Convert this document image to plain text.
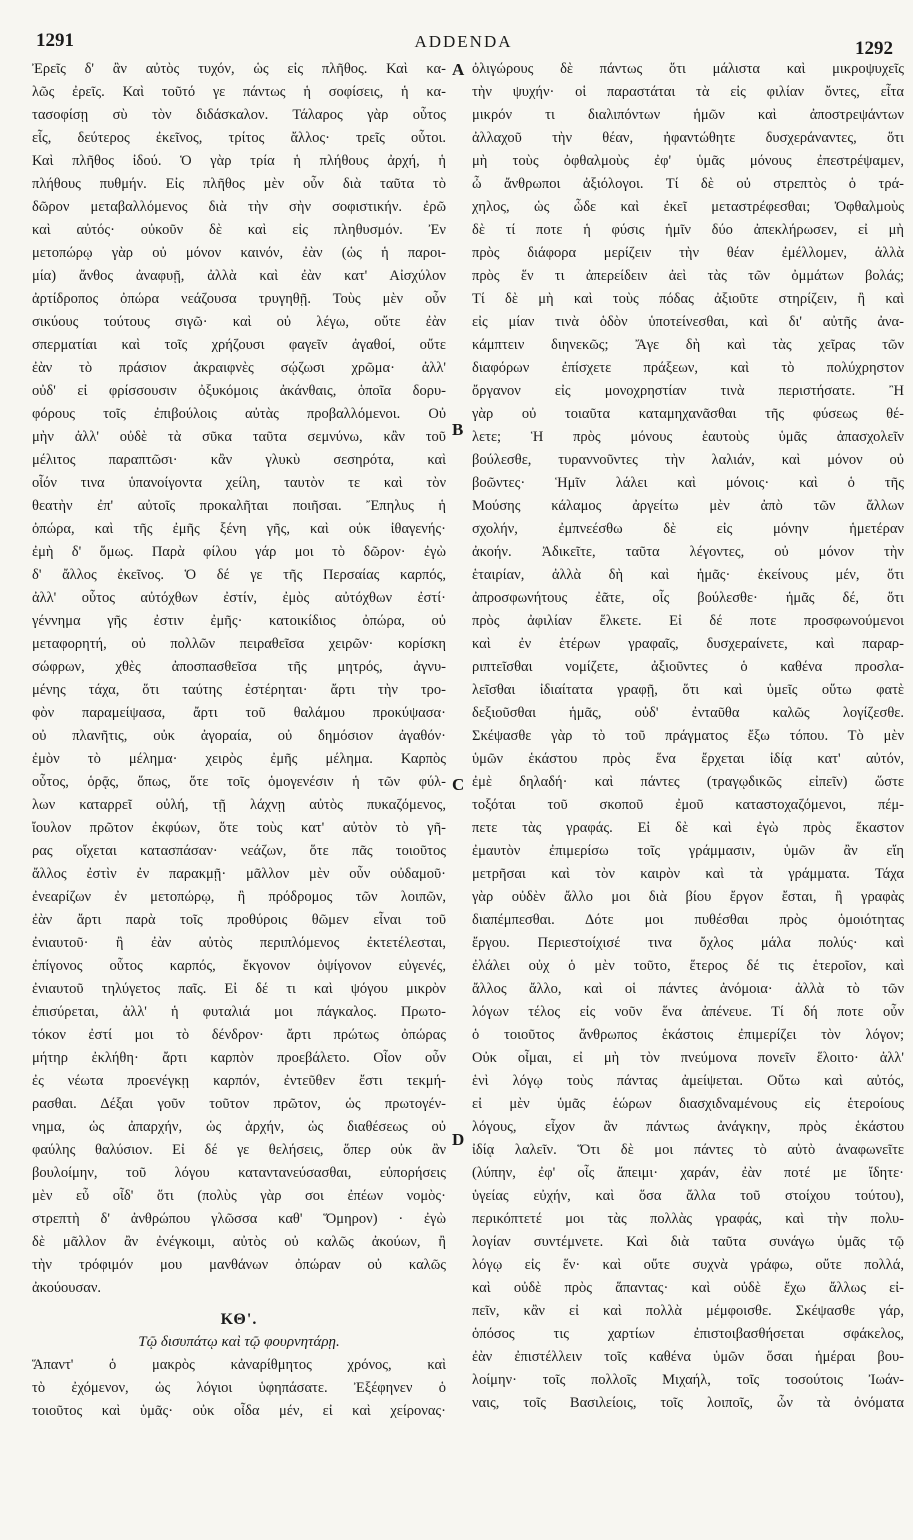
1291	ADDENDA	1292
A
B
C
D
Ἐρεῖς δ' ἂν αὐτὸς τυχόν, ὡς εἰς πλῆθος. Καὶ κα-
λῶς ἐρεῖς. Καὶ τοῦτό γε πάντως ἡ σοφίσεις, ἡ κα-
τασοφίσῃ σὺ τὸν διδάσκαλον. Τάλαρος γὰρ οὗτος
εἷς, δεύτερος ἐκεῖνος, τρίτος ἄλλος· τρεῖς οὗτοι.
Καὶ πλῆθος ἰδού. Ὁ γὰρ τρία ἡ πλήθους ἀρχή, ἡ
πλήθους πυθμήν. Εἰς πλῆθος μὲν οὖν διὰ ταῦτα τὸ
δῶρον μεταβαλλόμενος διὰ τὴν σὴν σοφιστικήν. ἐρῶ
καὶ αὐτός· οὐκοῦν δὲ καὶ εἰς πληθυσμόν. Ἐν
μετοπώρῳ γὰρ οὐ μόνον καινόν, ἐὰν (ὡς ἡ παροι-
μία) ἄνθος ἀναφυῇ, ἀλλὰ καὶ ἐὰν κατ' Αἰσχύλον
ἀρτίδροπος ὀπώρα νεάζουσα τρυγηθῇ. Τοὺς μὲν οὖν
σικύους τούτους σιγῶ· καὶ οὐ λέγω, οὔτε ἐὰν
σπερματίαι καὶ τοῖς χρήζουσι φαγεῖν ἀγαθοί, οὔτε
ἐὰν τὸ πράσιον ἀκραιφνὲς σῴζωσι χρῶμα· ἀλλ'
οὐδ' εἰ φρίσσουσιν ὀξυκόμοις ἀκάνθαις, ὁποῖα δορυ-
φόρους τοῖς ἐπιβούλοις αὐτὰς προβαλλόμενοι. Οὐ
μὴν ἀλλ' οὐδὲ τὰ σῦκα ταῦτα σεμνύνω, κἂν τοῦ
μέλιτος παραπτῶσι· κἂν γλυκὺ σεσηρότα, καὶ
οἷόν τινα ὑπανοίγοντα χείλη, ταυτὸν τε καὶ τὸν
θεατὴν ἐπ' αὐτοῖς προκαλῆται ποιῆσαι. Ἔπηλυς ἡ
ὀπώρα, καὶ τῆς ἐμῆς ξένη γῆς, καὶ οὐκ ἰθαγενής·
ἐμὴ δ' ὅμως. Παρὰ φίλου γάρ μοι τὸ δῶρον· ἐγὼ
δ' ἄλλος ἐκεῖνος. Ὁ δέ γε τῆς Περσαίας καρπός,
ἀλλ' οὗτος αὐτόχθων ἐστίν, ἐμὸς αὐτόχθων ἐστί·
γέννημα γῆς ἐστιν ἐμῆς· κατοικίδιος ὀπώρα, οὐ
μεταφορητή, οὐ πολλῶν πειραθεῖσα χειρῶν· κορίσκη
σώφρων, χθὲς ἀποσπασθεῖσα τῆς μητρός, ἀγνυ-
μένης τάχα, ὅτι ταύτης ἐστέρηται· ἄρτι τὴν τρο-
φὸν παραμείψασα, ἄρτι τοῦ θαλάμου προκύψασα·
οὐ πλανῆτις, οὐκ ἀγοραία, οὐ δημόσιον ἀγαθόν·
ἐμὸν τὸ μέλημα· χειρὸς ἐμῆς μέλημα. Καρπὸς
οὗτος, ὁρᾷς, ὅπως, ὅτε τοῖς ὁμογενέσιν ἡ τῶν φύλ-
λων καταρρεῖ οὐλή, τῇ λάχνῃ αὐτὸς πυκαζόμενος,
ἴουλον πρῶτον ἐκφύων, ὅτε τοὺς κατ' αὐτὸν τὸ γῆ-
ρας οἴχεται κατασπάσαν· νεάζων, ὅτε πᾶς τοιοῦτος
ἄλλος ἐστὶν ἐν παρακμῇ· μᾶλλον μὲν οὖν οὐδαμοῦ·
ἐνεαρίζων ἐν μετοπώρῳ, ἢ πρόδρομος τῶν λοιπῶν,
ἐὰν ἄρτι παρὰ τοῖς προθύροις θῶμεν εἶναι τοῦ
ἐνιαυτοῦ· ἢ ἐὰν αὐτὸς περιπλόμενος ἐκτετέλεσται,
ἐπίγονος οὗτος καρπός, ἔκγονον ὀψίγονον εὐγενές,
ἐνιαυτοῦ τηλύγετος παῖς. Εἰ δέ τι καὶ ψόγου μικρὸν
ἐπισύρεται, ἀλλ' ἡ φυταλιά μοι πάγκαλος. Πρωτο-
τόκον ἐστί μοι τὸ δένδρον· ἄρτι πρώτως ὀπώρας
μήτηρ ἐκλήθη· ἄρτι καρπὸν προεβάλετο. Οἷον οὖν
ἐς νέωτα προενέγκῃ καρπόν, ἐντεῦθεν ἔστι τεκμή-
ρασθαι. Δέξαι γοῦν τοῦτον πρῶτον, ὡς πρωτογέν-
νημα, ὡς ἀπαρχήν, ὡς ἀρχήν, ὡς διαθέσεως οὐ
φαύλης θαλύσιον. Εἰ δέ γε θελήσεις, ὅπερ οὐκ ἂν
βουλοίμην, τοῦ λόγου καταντανεύσασθαι, εὐπορήσεις
μὲν εὖ οἶδ' ὅτι (πολὺς γὰρ σοι ἐπέων νομὸς·
στρεπτὴ δ' ἀνθρώπου γλῶσσα καθ' Ὅμηρον) · ἐγὼ
δὲ μᾶλλον ἂν ἐνέγκοιμι, αὐτὸς οὐ καλῶς ἀκούων, ἢ
τὴν τρόφιμόν μου μανθάνων ὀπώραν οὐ καλῶς
ἀκούουσαν.
ΚΘ'.
Τῷ δισυπάτῳ καὶ τῷ φουρνητάρῃ.
Ἅπαντ' ὁ μακρὸς κἀναρίθμητος χρόνος, καὶ
τὸ ἐχόμενον, ὡς λόγιοι ὑφηπάσατε. Ἐξέφηνεν ὁ
τοιοῦτος καὶ ὑμᾶς· οὐκ οἶδα μέν, εἰ καὶ χείρονας·
ὀλιγώρους δὲ πάντως ὅτι μάλιστα καὶ μικροψυχεῖς
τὴν ψυχήν· οἱ παραστάται τὰ εἰς φιλίαν ὄντες, εἶτα
μικρόν τι διαλιπόντων ἡμῶν καὶ ἀποστρεψάντων
ἀλλαχοῦ τὴν θέαν, ἠφαντώθητε δυσχεράναντες, ὅτι
μὴ τοὺς ὀφθαλμοὺς ἐφ' ὑμᾶς μόνους ἐπεστρέψαμεν,
ὦ ἄνθρωποι ἀξιόλογοι. Τί δὲ οὐ στρεπτὸς ὁ τρά-
χηλος, ὡς ὧδε καὶ ἐκεῖ μεταστρέφεσθαι; Ὀφθαλμοὺς
δὲ τί ποτε ἡ φύσις ἡμῖν δύο ἀπεκλήρωσεν, εἰ μὴ
πρὸς διάφορα μερίζειν τὴν θέαν ἐμέλλομεν, ἀλλὰ
πρὸς ἕν τι ἀπερείδειν ἀεὶ τὰς τῶν ὀμμάτων βολάς;
Τί δὲ μὴ καὶ τοὺς πόδας ἀξιοῦτε στηρίζειν, ἢ καὶ
εἰς μίαν τινὰ ὁδὸν ὑποτείνεσθαι, καὶ δι' αὐτῆς ἀνα-
κάμπτειν διηνεκῶς; Ἄγε δὴ καὶ τὰς χεῖρας τῶν
διαφόρων ἐπίσχετε πράξεων, καὶ τὸ πολύχρηστον
ὄργανον εἰς μονοχρηστίαν τινὰ περιστήσατε. Ἢ
γὰρ οὐ τοιαῦτα καταμηχανᾶσθαι τῆς φύσεως θέ-
λετε; Ἡ πρὸς μόνους ἑαυτοὺς ὑμᾶς ἀπασχολεῖν
βούλεσθε, τυραννοῦντες τὴν λαλιάν, καὶ μόνον οὐ
βοῶντες· Ἡμῖν λάλει καὶ μόνοις· καὶ ὁ τῆς
Μούσης κάλαμος ἀργείτω μὲν ἀπὸ τῶν ἄλλων
σχολήν, ἐμπνεέσθω δὲ εἰς μόνην ἡμετέραν
ἀκοήν. Ἀδικεῖτε, ταῦτα λέγοντες, οὐ μόνον τὴν
ἑταιρίαν, ἀλλὰ δὴ καὶ ἡμᾶς· ἐκείνους μέν, ὅτι
ἀπροσφωνήτους ἐᾶτε, οἷς βούλεσθε· ἡμᾶς δέ, ὅτι
πρὸς ἀφιλίαν ἕλκετε. Εἰ δέ ποτε προσφωνούμενοι
καὶ ἐν ἑτέρων γραφαῖς, δυσχεραίνετε, καὶ παραρ-
ριπτεῖσθαι νομίζετε, ἀξιοῦντες ὁ καθένα προσλα-
λεῖσθαι ἰδιαίτατα γραφῇ, ὅτι καὶ ὑμεῖς οὕτω φατὲ
δεξιοῦσθαι ἡμᾶς, οὐδ' ἐνταῦθα καλῶς λογίζεσθε.
Σκέψασθε γὰρ τὸ τοῦ πράγματος ἔξω τόπου. Τὸ μὲν
ὑμῶν ἑκάστου πρὸς ἕνα ἔρχεται ἰδίᾳ κατ' αὐτόν,
ἐμὲ δηλαδή· καὶ πάντες (τραγῳδικῶς εἰπεῖν) ὥστε
τοξόται τοῦ σκοποῦ ἐμοῦ καταστοχαζόμενοι, πέμ-
πετε τὰς γραφάς. Εἰ δὲ καὶ ἐγὼ πρὸς ἕκαστον
ἐμαυτὸν ἐπιμερίσω τοῖς γράμμασιν, ὑμῶν ἂν εἴη
μετρῆσαι καὶ τὸν καιρὸν καὶ τὰ γράμματα. Τάχα
γὰρ οὐδὲν ἄλλο μοι διὰ βίου ἔργον ἔσται, ἢ γραφὰς
διαπέμπεσθαι. Δότε μοι πυθέσθαι πρὸς ὁμοιότητας
ἔργου. Περιεστοίχισέ τινα ὄχλος μάλα πολύς· καὶ
ἐλάλει οὐχ ὁ μὲν τοῦτο, ἕτερος δέ τις ἑτεροῖον, καὶ
ἄλλος ἄλλο, καὶ οἱ πάντες ἀνόμοια· ἀλλὰ τὸ τῶν
λόγων τέλος εἰς νοῦν ἕνα ἀπένευε. Τί δή ποτε οὖν
ὁ τοιοῦτος ἄνθρωπος ἑκάστοις ἐπιμερίζει τὸν λόγον;
Οὐκ οἶμαι, εἰ μὴ τὸν πνεύμονα πονεῖν ἕλοιτο· ἀλλ'
ἑνὶ λόγῳ τοὺς πάντας ἀμείψεται. Οὕτω καὶ αὐτός,
εἰ μὲν ὑμᾶς ἑώρων διασχιδναμένους εἰς ἑτεροίους
λόγους, εἶχον ἂν πάντως ἀνάγκην, πρὸς ἑκάστου
ἰδίᾳ λαλεῖν. Ὅτι δὲ μοι πάντες τὸ αὐτὸ ἀναφωνεῖτε
(λύπην, ἐφ' οἷς ἄπειμι· χαράν, ἐὰν ποτέ με ἴδητε·
ὑγείας εὐχήν, καὶ ὅσα ἄλλα τοῦ στοίχου τούτου),
περικόπτετέ μοι τὰς πολλὰς γραφάς, καὶ τὴν πολυ-
λογίαν συντέμνετε. Καὶ διὰ ταῦτα συνάγω ὑμᾶς τῷ
λόγῳ εἰς ἕν· καὶ οὔτε συχνὰ γράφω, οὔτε πολλά,
καὶ οὐδὲ πρὸς ἅπαντας· καὶ οὐδὲ ἔχω ἄλλως εἰ-
πεῖν, κἂν εἰ καὶ πολλὰ μέμφοισθε. Σκέψασθε γάρ,
ὁπόσος τις χαρτίων ἐπιστοιβασθήσεται σφάκελος,
ἐὰν ἐπιστέλλειν τοῖς καθένα ὑμῶν ὅσαι ἡμέραι βου-
λοίμην· τοῖς πολλοῖς Μιχαήλ, τοῖς τοσούτοις Ἰωάν-
ναις, τοῖς Βασιλείοις, τοῖς λοιποῖς, ὧν τὰ ὀνόματα
